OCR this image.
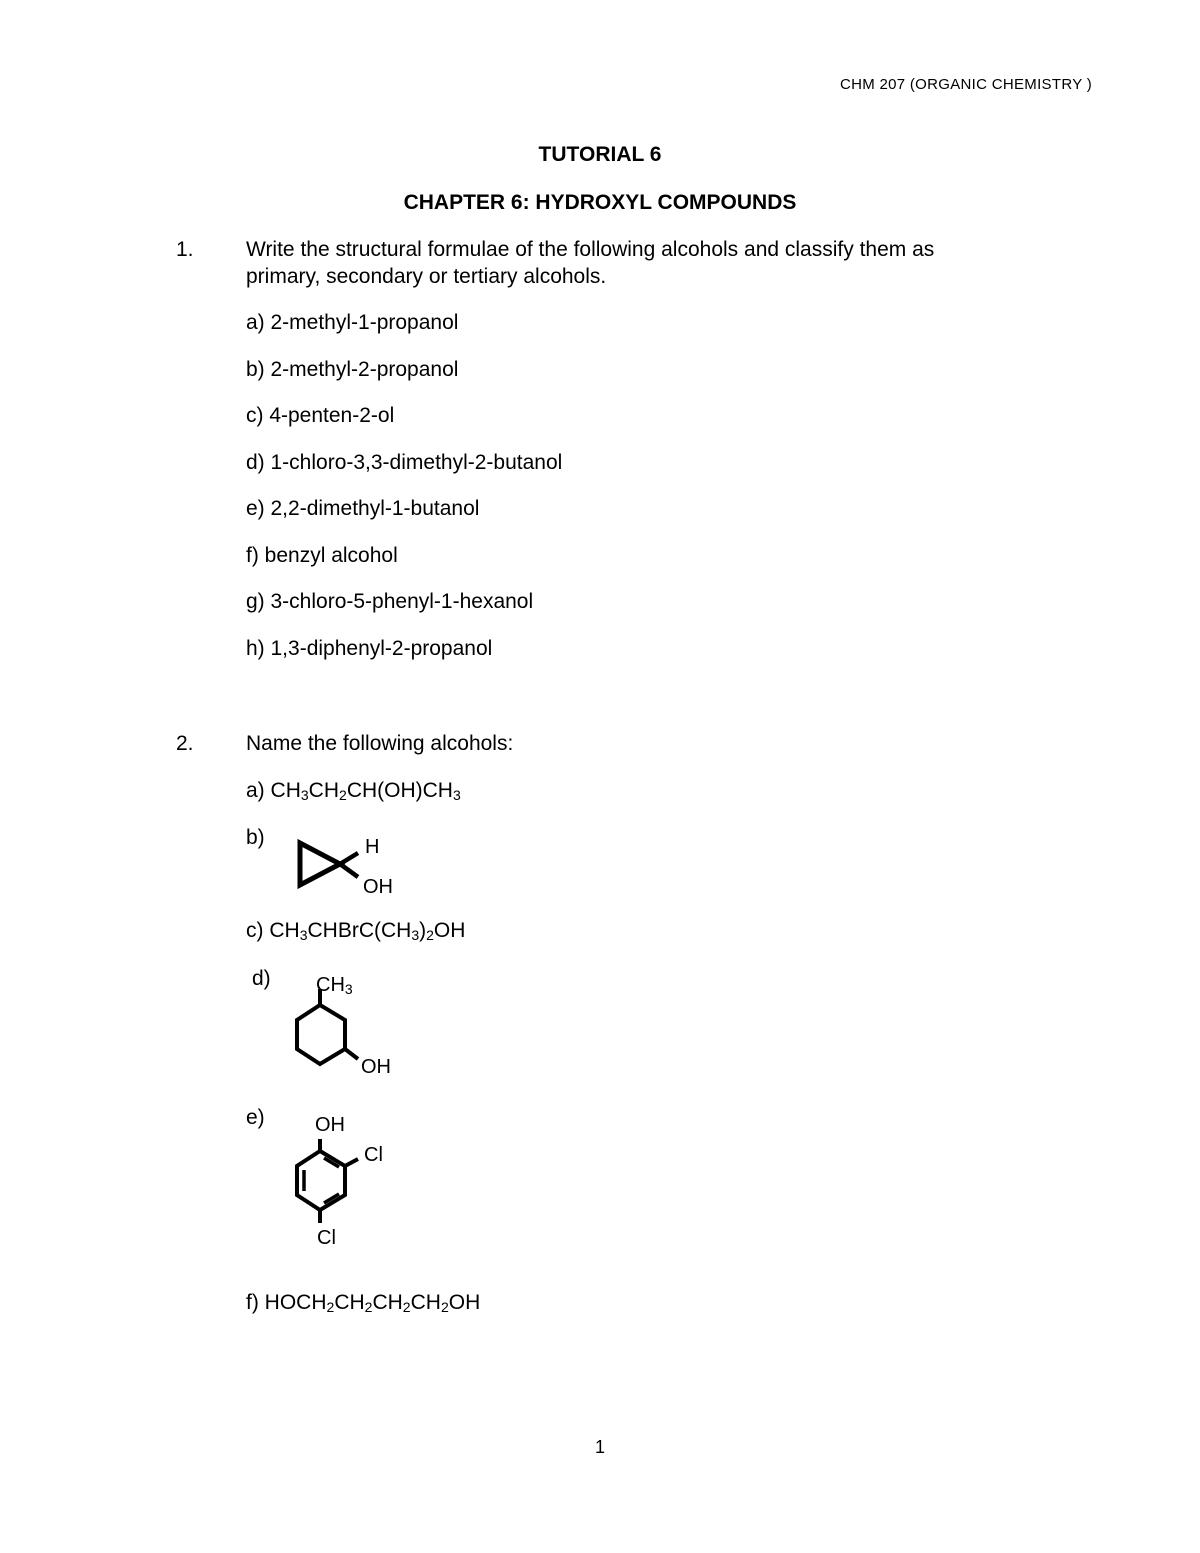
CHM 207 (ORGANIC CHEMISTRY )
TUTORIAL 6
CHAPTER 6: HYDROXYL COMPOUNDS
1. Write the structural formulae of the following alcohols and classify them as
primary, secondary or tertiary alcohols.
a) 2-methyl-1-propanol
b) 2-methyl-2-propanol
c) 4-penten-2-ol
d) 1-chloro-3,3-dimethyl-2-butanol
e) 2,2-dimethyl-1-butanol
f) benzyl alcohol
g) 3-chloro-5-phenyl-1-hexanol
h) 1,3-diphenyl-2-propanol
2. Name the following alcohols:
a) $CH_3CH_2CH(OH)CH_3$
b)	H
OH
c) $CH_3CHBrC(CH_3)_2OH$
d) $CH_3$
OH
e)	OH
Cl
Cl
f) $HOCH_2CH_2CH_2CH_2OH$
1
